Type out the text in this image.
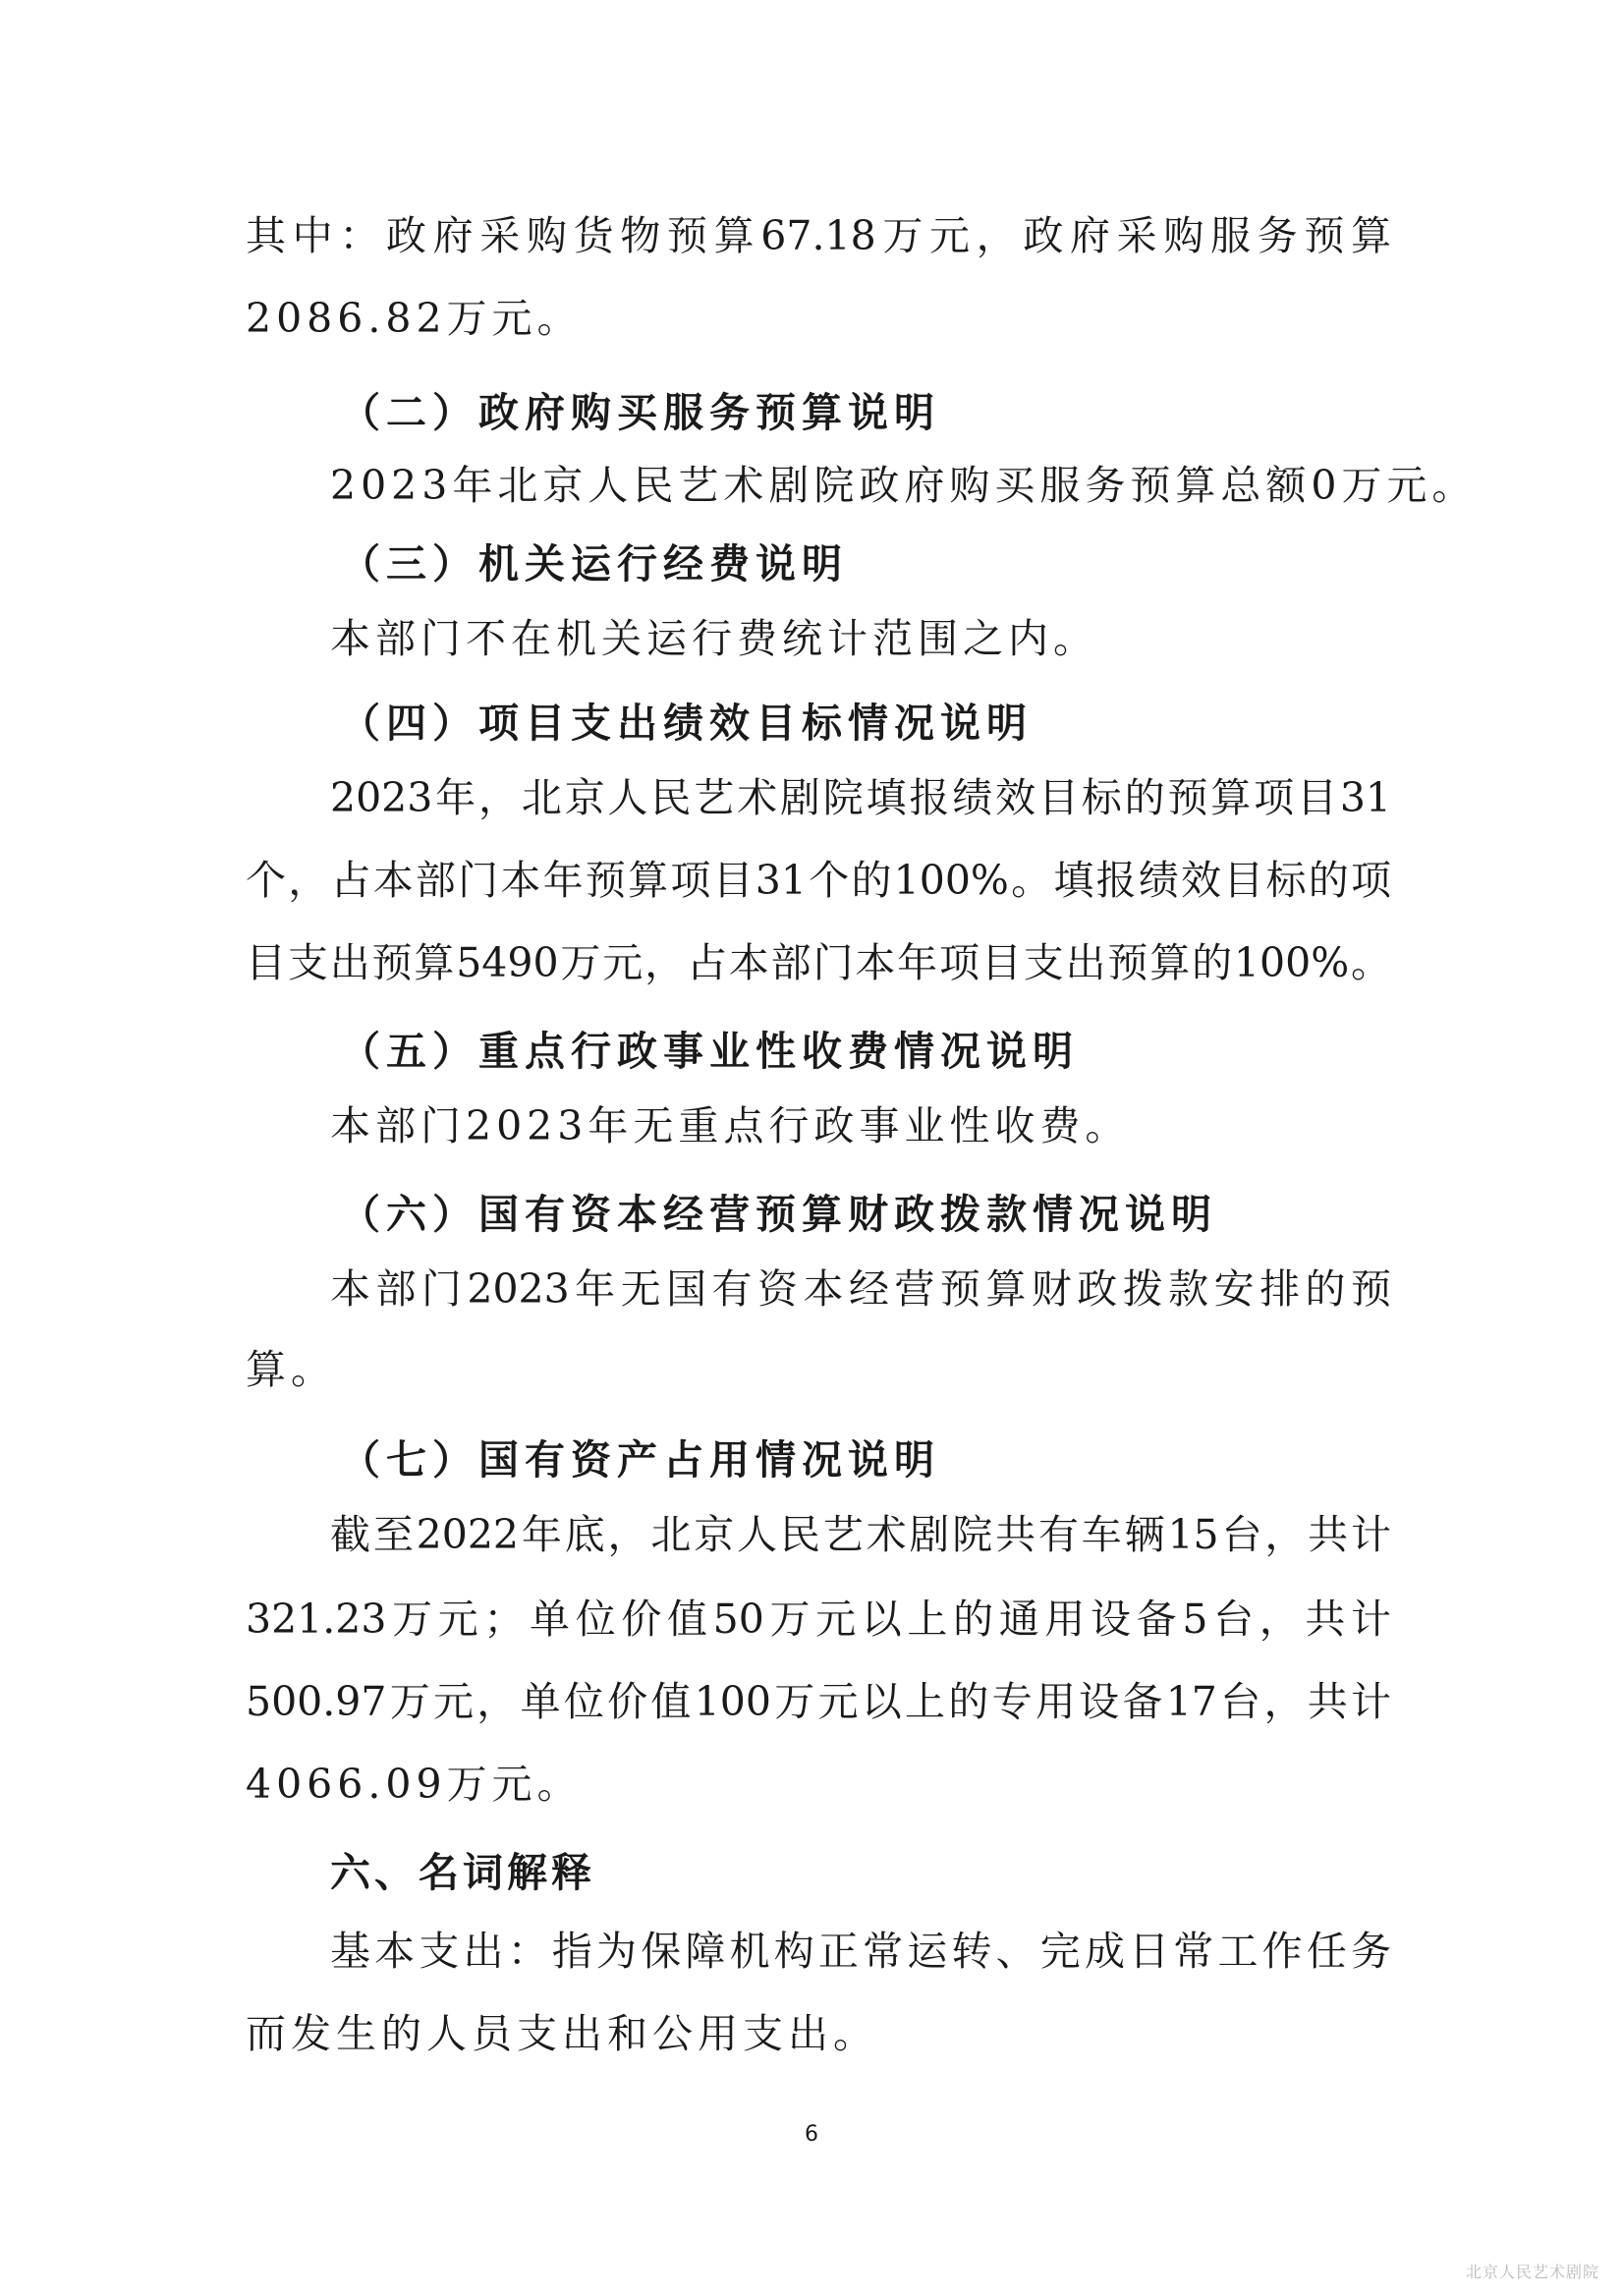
其中：政府采购货物预算67.18万元，政府采购服务预算
2086.82万元。
（二）政府购买服务预算说明
2023年北京人民艺术剧院政府购买服务预算总额0万元。
（三）机关运行经费说明
本部门不在机关运行费统计范围之内。
（四）项目支出绩效目标情况说明
2023年，北京人民艺术剧院填报绩效目标的预算项目31
个，占本部门本年预算项目31个的100%。填报绩效目标的项
目支出预算5490万元，占本部门本年项目支出预算的100%。
（五）重点行政事业性收费情况说明
本部门2023年无重点行政事业性收费。
（六）国有资本经营预算财政拨款情况说明
本部门2023年无国有资本经营预算财政拨款安排的预
算。
（七）国有资产占用情况说明
截至2022年底，北京人民艺术剧院共有车辆15台，共计
321.23万元；单位价值50万元以上的通用设备5台，共计
500.97万元，单位价值100万元以上的专用设备17台，共计
4066.09万元。
六、名词解释
基本支出：指为保障机构正常运转、完成日常工作任务
而发生的人员支出和公用支出。
6
北京人民艺术剧院
